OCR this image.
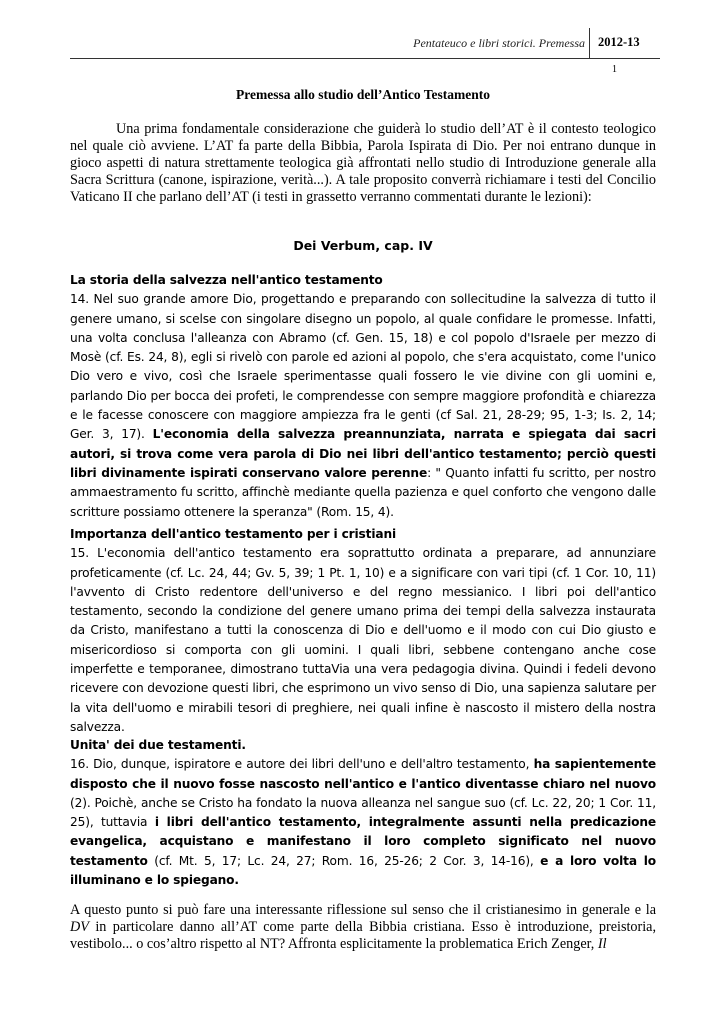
Pentateuco e libri storici. Premessa 2012-13
1
Premessa allo studio dell’Antico Testamento

Una prima fondamentale considerazione che guiderà lo studio dell’AT è il contesto teologico nel quale ciò avviene. L’AT fa parte della Bibbia, Parola Ispirata di Dio. Per noi entrano dunque in gioco aspetti di natura strettamente teologica già affrontati nello studio di Introduzione generale alla Sacra Scrittura (canone, ispirazione, verità...). A tale proposito converrà richiamare i testi del Concilio Vaticano II che parlano dell’AT (i testi in grassetto verranno commentati durante le lezioni):

Dei Verbum, cap. IV

La storia della salvezza nell'antico testamento
14. Nel suo grande amore Dio, progettando e preparando con sollecitudine la salvezza di tutto il genere umano, si scelse con singolare disegno un popolo, al quale confidare le promesse. Infatti, una volta conclusa l'alleanza con Abramo (cf. Gen. 15, 18) e col popolo d'Israele per mezzo di Mosè (cf. Es. 24, 8), egli si rivelò con parole ed azioni al popolo, che s'era acquistato, come l'unico Dio vero e vivo, così che Israele sperimentasse quali fossero le vie divine con gli uomini e, parlando Dio per bocca dei profeti, le comprendesse con sempre maggiore profondità e chiarezza e le facesse conoscere con maggiore ampiezza fra le genti (cf Sal. 21, 28-29; 95, 1-3; Is. 2, 14; Ger. 3, 17). L'economia della salvezza preannunziata, narrata e spiegata dai sacri autori, si trova come vera parola di Dio nei libri dell'antico testamento; perciò questi libri divinamente ispirati conservano valore perenne: " Quanto infatti fu scritto, per nostro ammaestramento fu scritto, affinchè mediante quella pazienza e quel conforto che vengono dalle scritture possiamo ottenere la speranza" (Rom. 15, 4).

Importanza dell'antico testamento per i cristiani
15. L'economia dell'antico testamento era soprattutto ordinata a preparare, ad annunziare profeticamente (cf. Lc. 24, 44; Gv. 5, 39; 1 Pt. 1, 10) e a significare con vari tipi (cf. 1 Cor. 10, 11) l'avvento di Cristo redentore dell'universo e del regno messianico. I libri poi dell'antico testamento, secondo la condizione del genere umano prima dei tempi della salvezza instaurata da Cristo, manifestano a tutti la conoscenza di Dio e dell'uomo e il modo con cui Dio giusto e misericordioso si comporta con gli uomini. I quali libri, sebbene contengano anche cose imperfette e temporanee, dimostrano tuttaVia una vera pedagogia divina. Quindi i fedeli devono ricevere con devozione questi libri, che esprimono un vivo senso di Dio, una sapienza salutare per la vita dell'uomo e mirabili tesori di preghiere, nei quali infine è nascosto il mistero della nostra salvezza.

Unita' dei due testamenti.
16. Dio, dunque, ispiratore e autore dei libri dell'uno e dell'altro testamento, ha sapientemente disposto che il nuovo fosse nascosto nell'antico e l'antico diventasse chiaro nel nuovo (2). Poichè, anche se Cristo ha fondato la nuova alleanza nel sangue suo (cf. Lc. 22, 20; 1 Cor. 11, 25), tuttavia i libri dell'antico testamento, integralmente assunti nella predicazione evangelica, acquistano e manifestano il loro completo significato nel nuovo testamento (cf. Mt. 5, 17; Lc. 24, 27; Rom. 16, 25-26; 2 Cor. 3, 14-16), e a loro volta lo illuminano e lo spiegano.

A questo punto si può fare una interessante riflessione sul senso che il cristianesimo in generale e la DV in particolare danno all’AT come parte della Bibbia cristiana. Esso è introduzione, preistoria, vestibolo... o cos’altro rispetto al NT? Affronta esplicitamente la problematica Erich Zenger, Il
